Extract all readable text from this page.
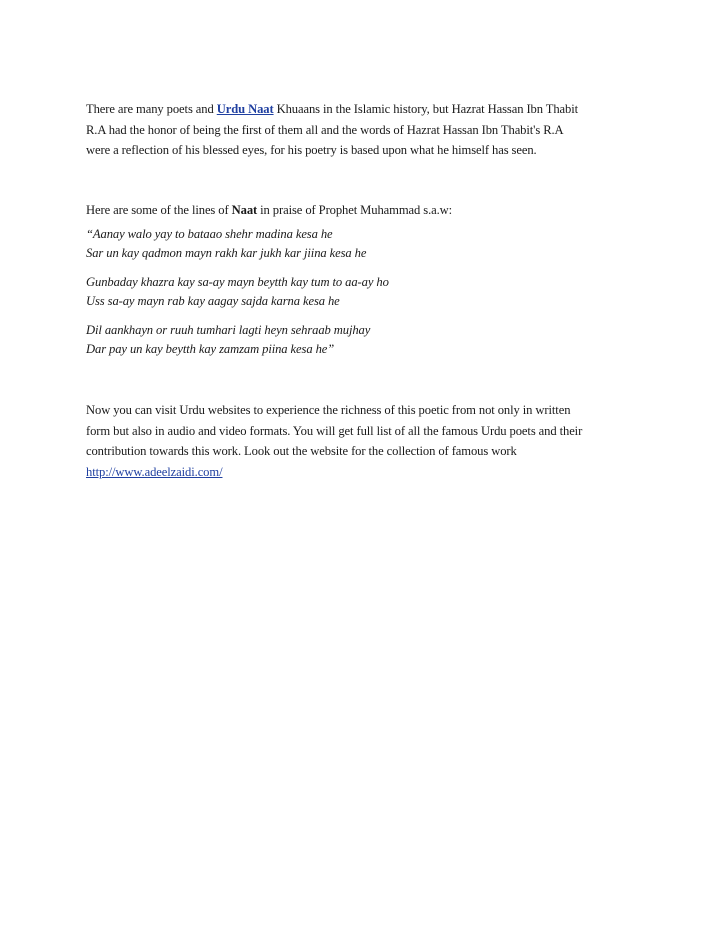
There are many poets and Urdu Naat Khuaans in the Islamic history, but Hazrat Hassan Ibn Thabit
R.A had the honor of being the first of them all and the words of Hazrat Hassan Ibn Thabit's R.A
were a reflection of his blessed eyes, for his poetry is based upon what he himself has seen.

Here are some of the lines of Naat in praise of Prophet Muhammad s.a.w:

“Aanay walo yay to bataao shehr madina kesa he
Sar un kay qadmon mayn rakh kar jukh kar jiina kesa he

Gunbaday khazra kay sa-ay mayn beytth kay tum to aa-ay ho
Uss sa-ay mayn rab kay aagay sajda karna kesa he

Dil aankhayn or ruuh tumhari lagti heyn sehraab mujhay
Dar pay un kay beytth kay zamzam piina kesa he”

Now you can visit Urdu websites to experience the richness of this poetic from not only in written
form but also in audio and video formats. You will get full list of all the famous Urdu poets and their
contribution towards this work. Look out the website for the collection of famous work
http://www.adeelzaidi.com/
